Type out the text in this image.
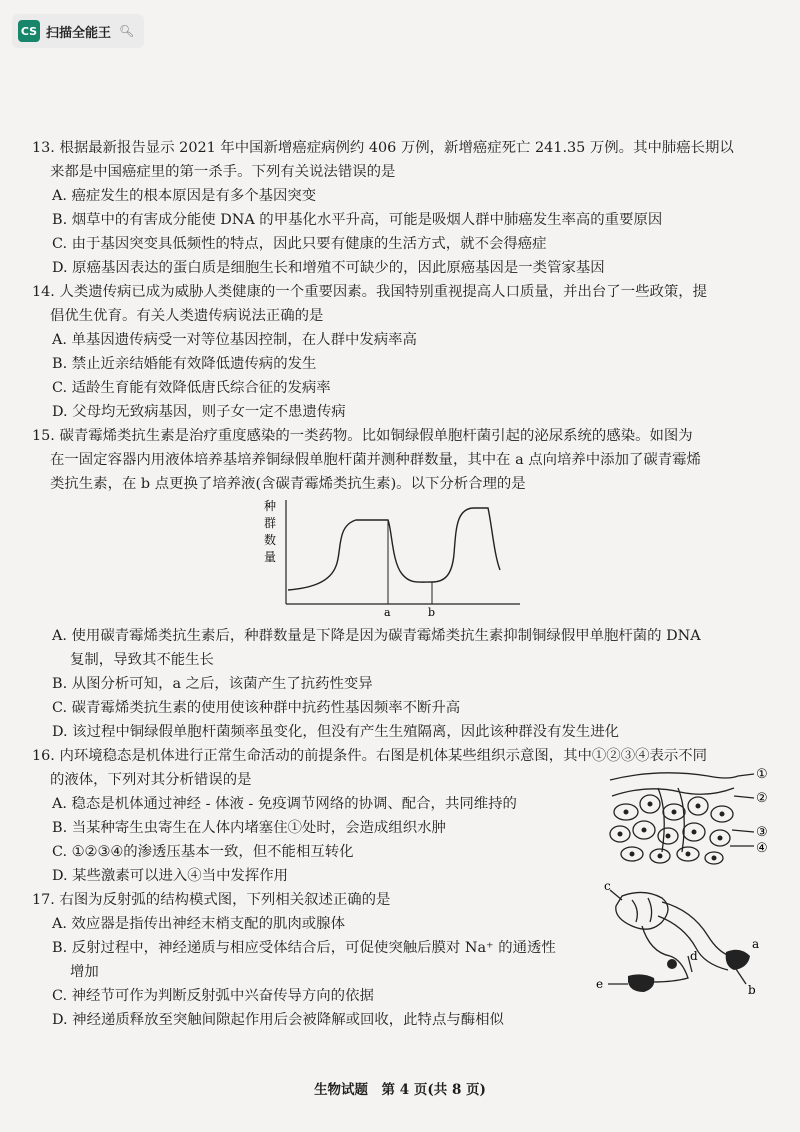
CS 扫描全能王 🔍︎
13. 根据最新报告显示 2021 年中国新增癌症病例约 406 万例，新增癌症死亡 241.35 万例。其中肺癌长期以
来都是中国癌症里的第一杀手。下列有关说法错误的是
A. 癌症发生的根本原因是有多个基因突变
B. 烟草中的有害成分能使 DNA 的甲基化水平升高，可能是吸烟人群中肺癌发生率高的重要原因
C. 由于基因突变具低频性的特点，因此只要有健康的生活方式，就不会得癌症
D. 原癌基因表达的蛋白质是细胞生长和增殖不可缺少的，因此原癌基因是一类管家基因
14. 人类遗传病已成为威胁人类健康的一个重要因素。我国特别重视提高人口质量，并出台了一些政策，提
倡优生优育。有关人类遗传病说法正确的是
A. 单基因遗传病受一对等位基因控制，在人群中发病率高
B. 禁止近亲结婚能有效降低遗传病的发生
C. 适龄生育能有效降低唐氏综合征的发病率
D. 父母均无致病基因，则子女一定不患遗传病
15. 碳青霉烯类抗生素是治疗重度感染的一类药物。比如铜绿假单胞杆菌引起的泌尿系统的感染。如图为
在一固定容器内用液体培养基培养铜绿假单胞杆菌并测种群数量，其中在 a 点向培养中添加了碳青霉烯
类抗生素，在 b 点更换了培养液(含碳青霉烯类抗生素)。以下分析合理的是
种
群
数
量
a	b
A. 使用碳青霉烯类抗生素后，种群数量是下降是因为碳青霉烯类抗生素抑制铜绿假甲单胞杆菌的 DNA
复制，导致其不能生长
B. 从图分析可知，a 之后，该菌产生了抗药性变异
C. 碳青霉烯类抗生素的使用使该种群中抗药性基因频率不断升高
D. 该过程中铜绿假单胞杆菌频率虽变化，但没有产生生殖隔离，因此该种群没有发生进化
16. 内环境稳态是机体进行正常生命活动的前提条件。右图是机体某些组织示意图，其中①②③④表示不同
的液体，下列对其分析错误的是
A. 稳态是机体通过神经 - 体液 - 免疫调节网络的协调、配合，共同维持的
B. 当某种寄生虫寄生在人体内堵塞住①处时，会造成组织水肿
C. ①②③④的渗透压基本一致，但不能相互转化
D. 某些激素可以进入④当中发挥作用
①
②
③
④
17. 右图为反射弧的结构模式图，下列相关叙述正确的是
A. 效应器是指传出神经末梢支配的肌肉或腺体
B. 反射过程中，神经递质与相应受体结合后，可促使突触后膜对 Na⁺ 的通透性
增加
C. 神经节可作为判断反射弧中兴奋传导方向的依据
D. 神经递质释放至突触间隙起作用后会被降解或回收，此特点与酶相似
c
a
b
d
e
生物试题　第 4 页(共 8 页)
